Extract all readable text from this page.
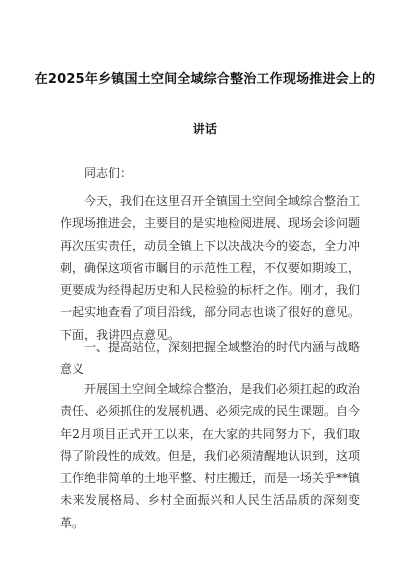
在2025年乡镇国土空间全域综合整治工作现场推进会上的
讲话
同志们：
今天，我们在这里召开全镇国土空间全域综合整治工作现场推进会，主要目的是实地检阅进展、现场会诊问题再次压实责任，动员全镇上下以决战决今的姿态，全力冲刺，确保这项省市瞩目的示范性工程，不仅要如期竣工，更要成为经得起历史和人民检验的标杆之作。刚才，我们一起实地查看了项目沿线，部分同志也谈了很好的意见。下面，我讲四点意见。
一、提高站位，深刻把握全域整治的时代内涵与战略意义
开展国土空间全域综合整治，是我们必须扛起的政治责任、必须抓住的发展机遇、必须完成的民生课题。自今年2月项目正式开工以来，在大家的共同努力下，我们取得了阶段性的成效。但是，我们必须清醒地认识到，这项工作绝非简单的土地平整、村庄搬迁，而是一场关乎**镇未来发展格局、乡村全面振兴和人民生活品质的深刻变革。
